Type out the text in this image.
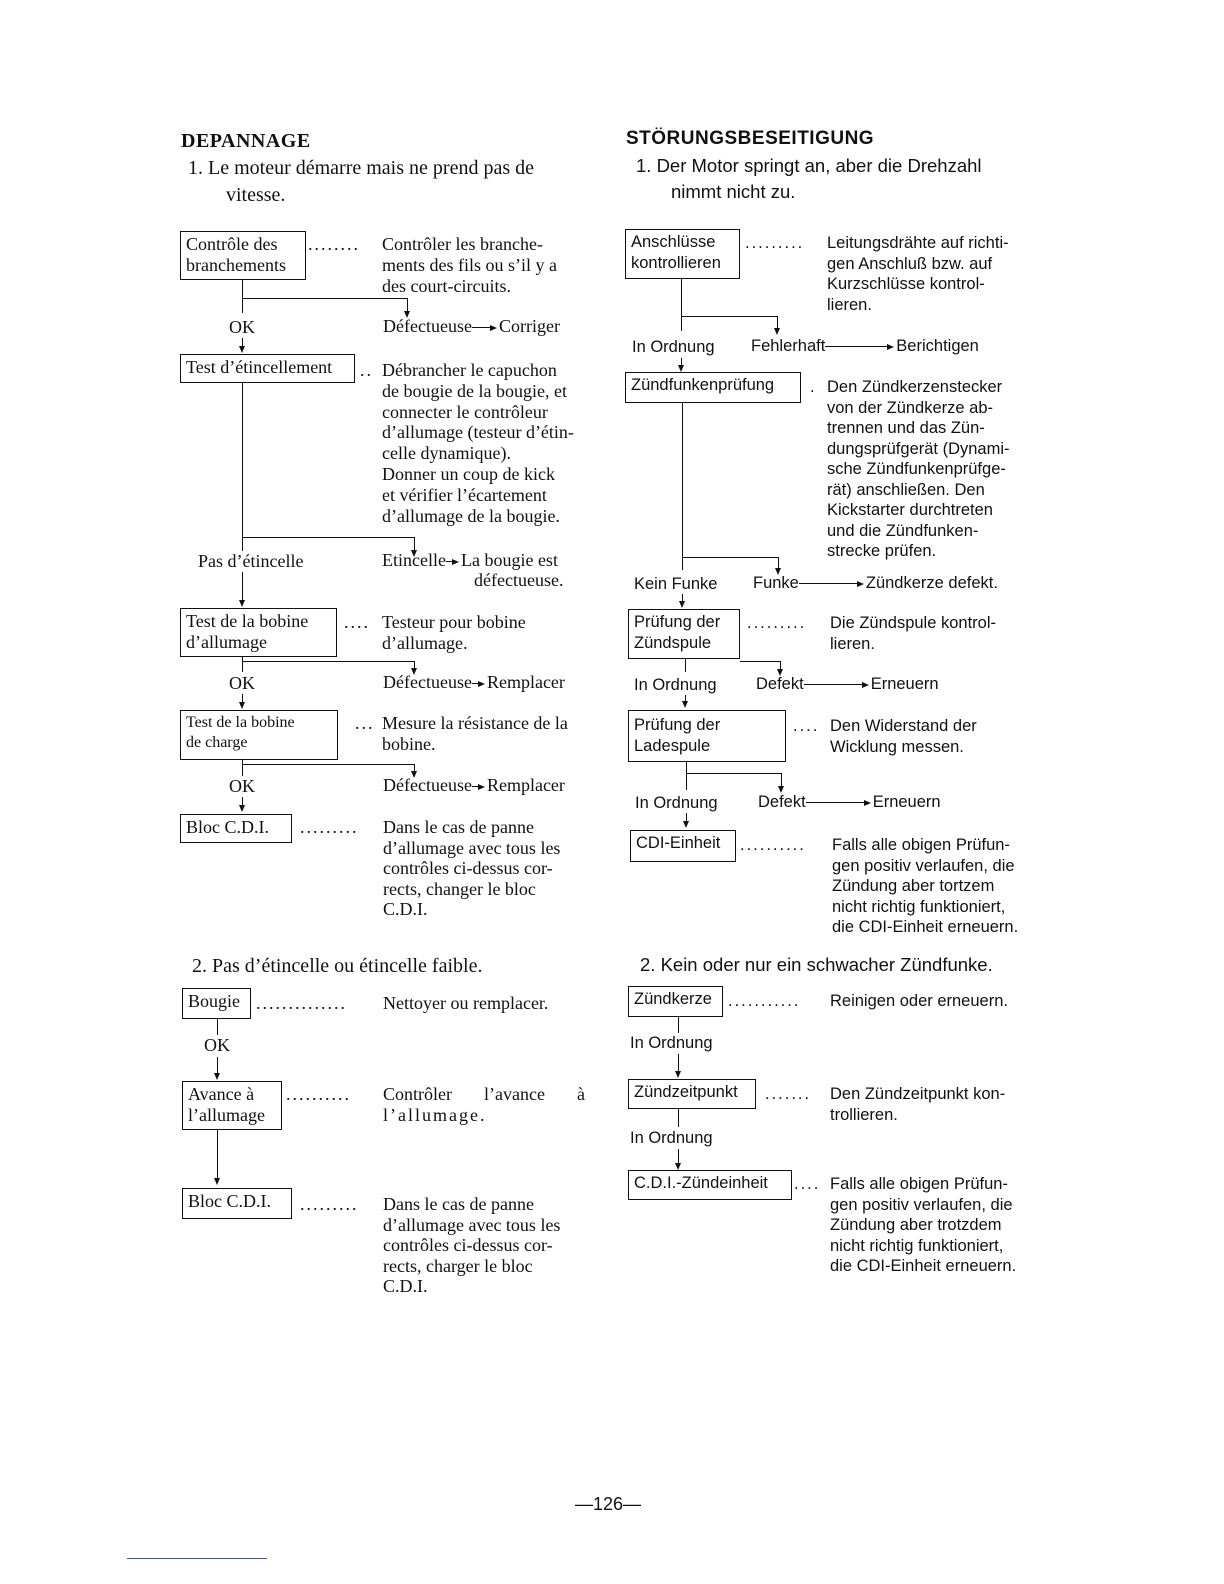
DEPANNAGE
1. Le moteur démarre mais ne prend pas de
vitesse.
Contrôle des
branchements
........	Contrôler les branche-
ments des fils ou s’il y a
des court-circuits.
OK	Défectueuse Corriger
Test d’étincellement	.. Débrancher le capuchon
de bougie de la bougie, et
connecter le contrôleur
d’allumage (testeur d’étin-
celle dynamique).
Donner un coup de kick
et vérifier l’écartement
d’allumage de la bougie.
Pas d’étincelle	Etincelle La bougie est
défectueuse.
Test de la bobine
d’allumage
.... Testeur pour bobine
d’allumage.
OK	Défectueuse Remplacer
Test de la bobine
de charge
... Mesure la résistance de la
bobine.
OK	Défectueuse Remplacer
Bloc C.D.I.	.........	Dans le cas de panne
d’allumage avec tous les
contrôles ci-dessus cor-
rects, changer le bloc
C.D.I.
2. Pas d’étincelle ou étincelle faible.
Bougie ..............	Nettoyer ou remplacer.
OK
Avance à
l’allumage
..........	Contrôler l’avance à
l’allumage.
Bloc C.D.I.	.........	Dans le cas de panne
d’allumage avec tous les
contrôles ci-dessus cor-
rects, charger le bloc
C.D.I.
STÖRUNGSBESEITIGUNG
1. Der Motor springt an, aber die Drehzahl
nimmt nicht zu.
Anschlüsse
kontrollieren
.........	Leitungsdrähte auf richti-
gen Anschluß bzw. auf
Kurzschlüsse kontrol-
lieren.
In Ordnung Fehlerhaft	Berichtigen
Zündfunkenprüfung	. Den Zündkerzenstecker
von der Zündkerze ab-
trennen und das Zün-
dungsprüfgerät (Dynami-
sche Zündfunkenprüfge-
rät) anschließen. Den
Kickstarter durchtreten
und die Zündfunken-
strecke prüfen.
Kein Funke Funke	Zündkerze defekt.
Prüfung der
Zündspule
.........	Die Zündspule kontrol-
lieren.
In Ordnung Defekt	Erneuern
Prüfung der
Ladespule
.... Den Widerstand der
Wicklung messen.
In Ordnung Defekt	Erneuern
CDI-Einheit	..........	Falls alle obigen Prüfun-
gen positiv verlaufen, die
Zündung aber tortzem
nicht richtig funktioniert,
die CDI-Einheit erneuern.
2. Kein oder nur ein schwacher Zündfunke.
Zündkerze ...........	Reinigen oder erneuern.
In Ordnung
Zündzeitpunkt	.......	Den Zündzeitpunkt kon-
trollieren.
In Ordnung
C.D.I.-Zündeinheit	.... Falls alle obigen Prüfun-
gen positiv verlaufen, die
Zündung aber trotzdem
nicht richtig funktioniert,
die CDI-Einheit erneuern.
—126—
